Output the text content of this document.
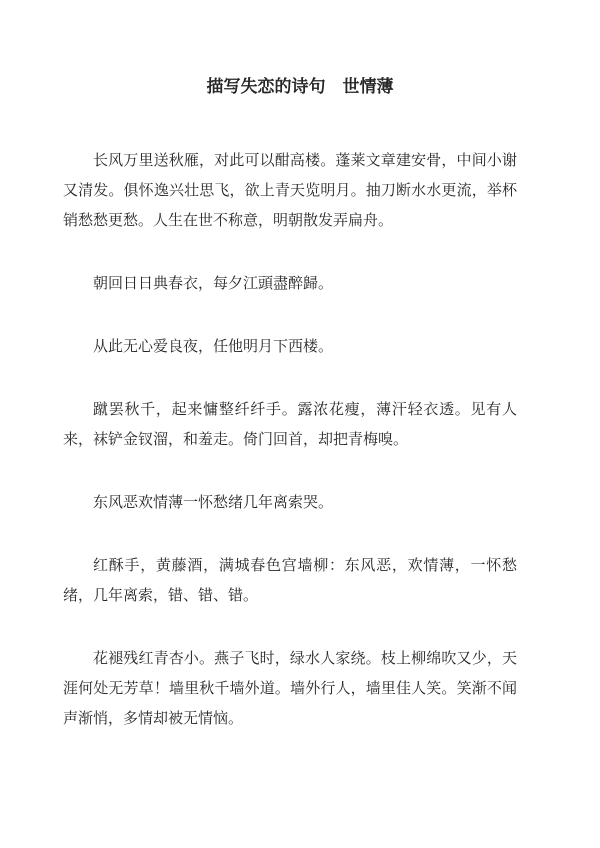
描写失恋的诗句　世情薄

长风万里送秋雁，对此可以酣高楼。蓬莱文章建安骨，中间小谢又清发。俱怀逸兴壮思飞，欲上青天览明月。抽刀断水水更流，举杯销愁愁更愁。人生在世不称意，明朝散发弄扁舟。

朝回日日典春衣，每夕江頭盡醉歸。

从此无心爱良夜，任他明月下西楼。

蹴罢秋千，起来慵整纤纤手。露浓花瘦，薄汗轻衣透。见有人来，袜铲金钗溜，和羞走。倚门回首，却把青梅嗅。

东风恶欢情薄一怀愁绪几年离索哭。

红酥手，黄藤酒，满城春色宫墙柳：东风恶，欢情薄，一怀愁绪，几年离索，错、错、错。

花褪残红青杏小。燕子飞时，绿水人家绕。枝上柳绵吹又少，天涯何处无芳草！墙里秋千墙外道。墙外行人，墙里佳人笑。笑渐不闻声渐悄，多情却被无情恼。
